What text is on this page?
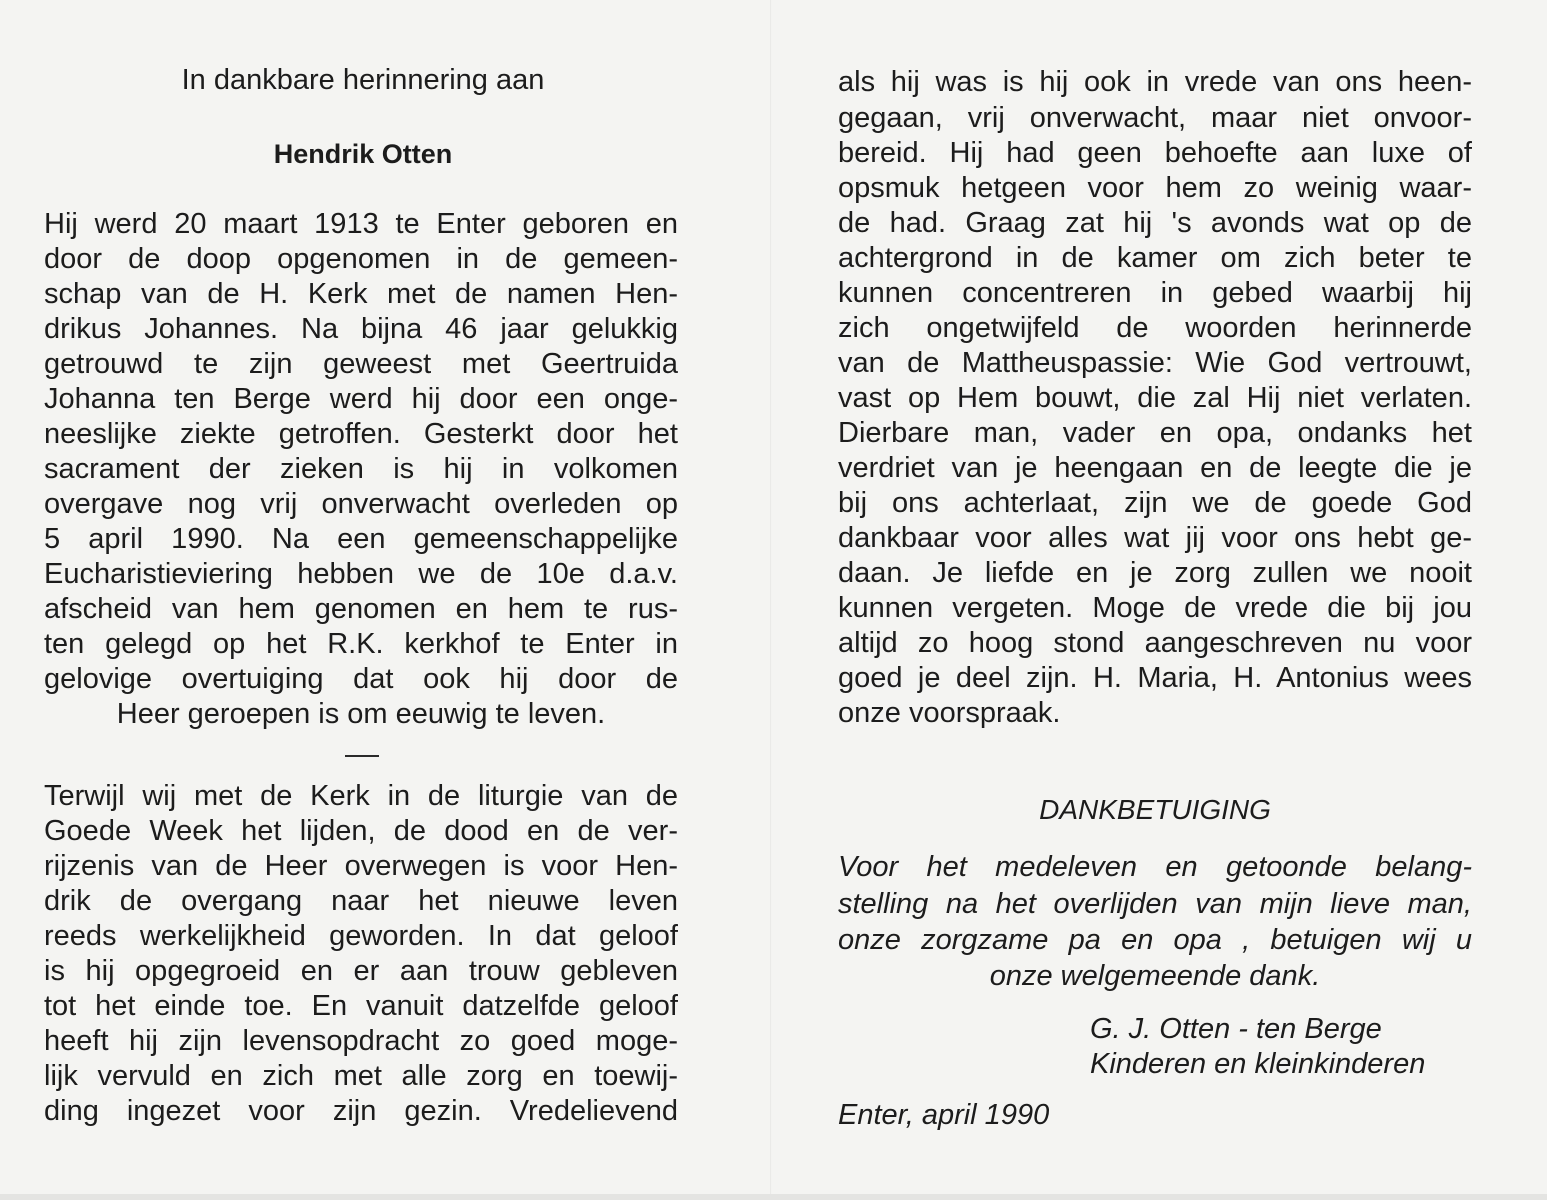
In dankbare herinnering aan
Hendrik Otten
Hij werd 20 maart 1913 te Enter geboren en
door de doop opgenomen in de gemeen-
schap van de H. Kerk met de namen Hen-
drikus Johannes. Na bijna 46 jaar gelukkig
getrouwd te zijn geweest met Geertruida
Johanna ten Berge werd hij door een onge-
neeslijke ziekte getroffen. Gesterkt door het
sacrament der zieken is hij in volkomen
overgave nog vrij onverwacht overleden op
5 april 1990. Na een gemeenschappelijke
Eucharistieviering hebben we de 10e d.a.v.
afscheid van hem genomen en hem te rus-
ten gelegd op het R.K. kerkhof te Enter in
gelovige overtuiging dat ook hij door de
Heer geroepen is om eeuwig te leven.
Terwijl wij met de Kerk in de liturgie van de
Goede Week het lijden, de dood en de ver-
rijzenis van de Heer overwegen is voor Hen-
drik de overgang naar het nieuwe leven
reeds werkelijkheid geworden. In dat geloof
is hij opgegroeid en er aan trouw gebleven
tot het einde toe. En vanuit datzelfde geloof
heeft hij zijn levensopdracht zo goed moge-
lijk vervuld en zich met alle zorg en toewij-
ding ingezet voor zijn gezin. Vredelievend
als hij was is hij ook in vrede van ons heen-
gegaan, vrij onverwacht, maar niet onvoor-
bereid. Hij had geen behoefte aan luxe of
opsmuk hetgeen voor hem zo weinig waar-
de had. Graag zat hij 's avonds wat op de
achtergrond in de kamer om zich beter te
kunnen concentreren in gebed waarbij hij
zich ongetwijfeld de woorden herinnerde
van de Mattheuspassie: Wie God vertrouwt,
vast op Hem bouwt, die zal Hij niet verlaten.
Dierbare man, vader en opa, ondanks het
verdriet van je heengaan en de leegte die je
bij ons achterlaat, zijn we de goede God
dankbaar voor alles wat jij voor ons hebt ge-
daan. Je liefde en je zorg zullen we nooit
kunnen vergeten. Moge de vrede die bij jou
altijd zo hoog stond aangeschreven nu voor
goed je deel zijn. H. Maria, H. Antonius wees
onze voorspraak.
Voor het medeleven en getoonde belang-
stelling na het overlijden van mijn lieve man,
onze zorgzame pa en opa , betuigen wij u
onze welgemeende dank.
DANKBETUIGING
G. J. Otten - ten Berge
Kinderen en kleinkinderen
Enter, april 1990
